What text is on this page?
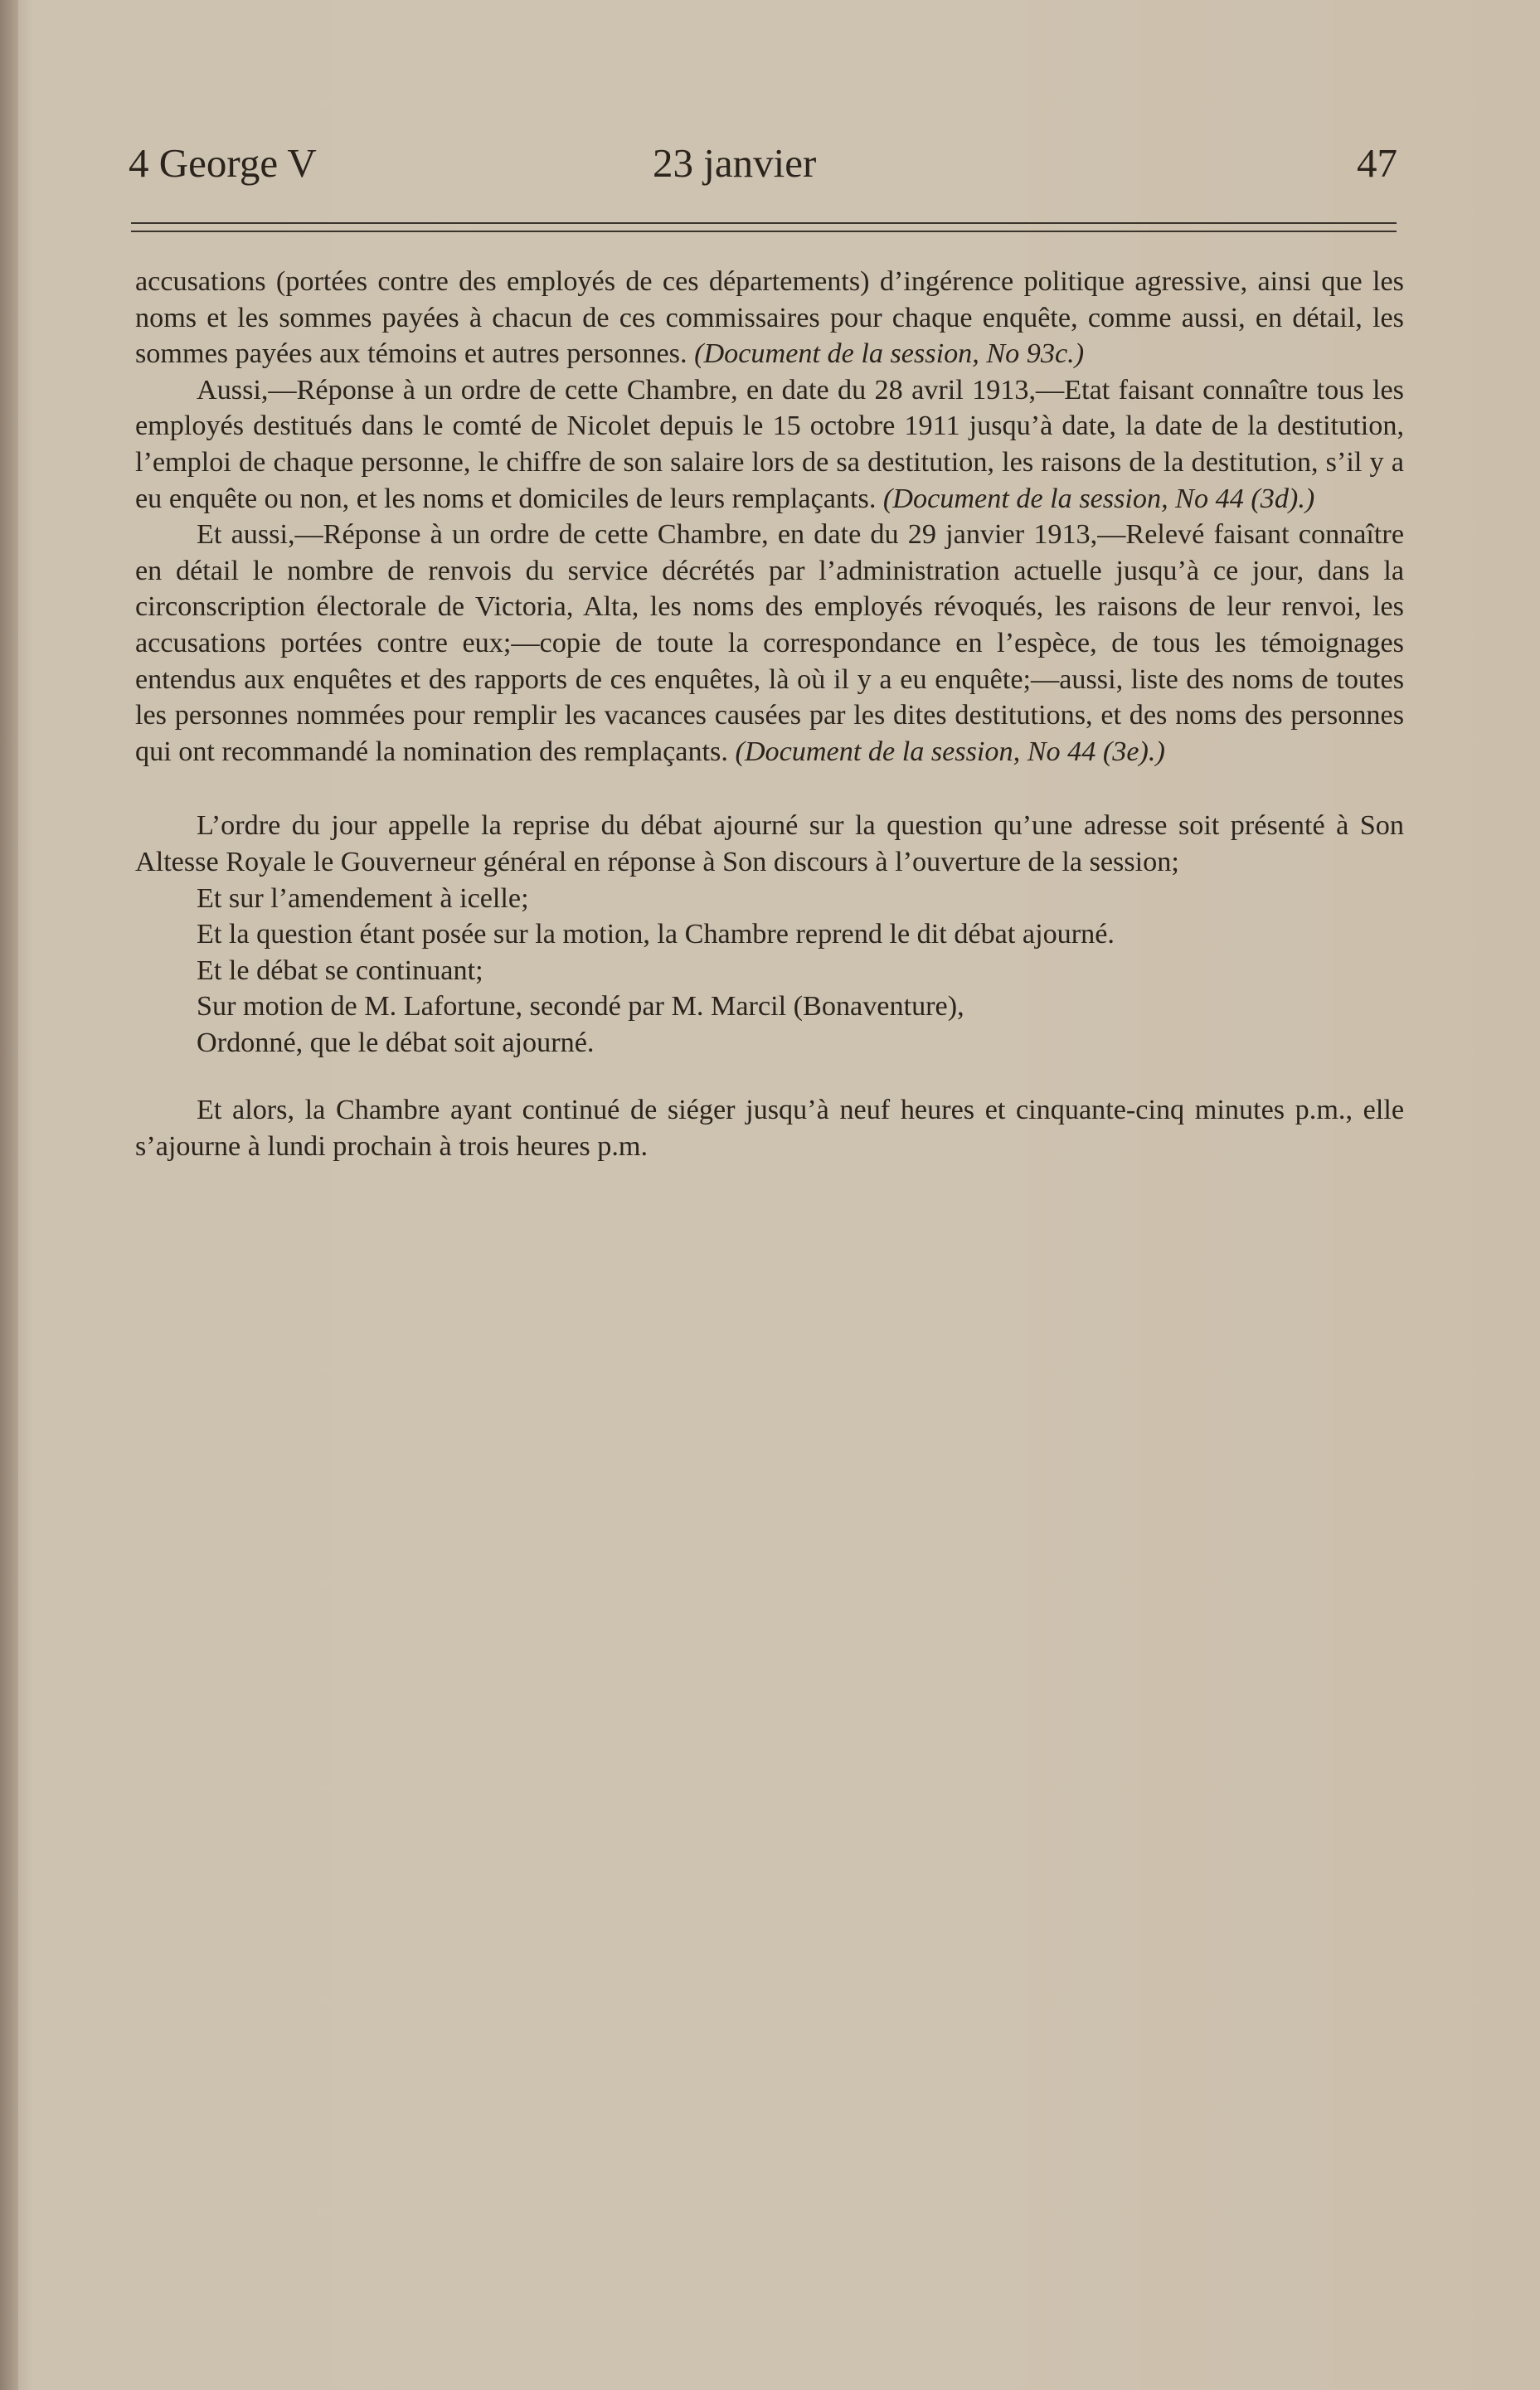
4 George V	23 janvier	47

accusations (portées contre des employés de ces départements) d’ingérence politique agressive, ainsi que les noms et les sommes payées à chacun de ces commissaires pour chaque enquête, comme aussi, en détail, les sommes payées aux témoins et autres personnes. (Document de la session, No 93c.)

Aussi,—Réponse à un ordre de cette Chambre, en date du 28 avril 1913,—Etat faisant connaître tous les employés destitués dans le comté de Nicolet depuis le 15 octobre 1911 jusqu’à date, la date de la destitution, l’emploi de chaque personne, le chiffre de son salaire lors de sa destitution, les raisons de la destitution, s’il y a eu enquête ou non, et les noms et domiciles de leurs remplaçants. (Document de la session, No 44 (3d).)

Et aussi,—Réponse à un ordre de cette Chambre, en date du 29 janvier 1913,—Relevé faisant connaître en détail le nombre de renvois du service décrétés par l’administration actuelle jusqu’à ce jour, dans la circonscription électorale de Victoria, Alta, les noms des employés révoqués, les raisons de leur renvoi, les accusations portées contre eux;—copie de toute la correspondance en l’espèce, de tous les témoignages entendus aux enquêtes et des rapports de ces enquêtes, là où il y a eu enquête;—aussi, liste des noms de toutes les personnes nommées pour remplir les vacances causées par les dites destitutions, et des noms des personnes qui ont recommandé la nomination des remplaçants. (Document de la session, No 44 (3e).)

L’ordre du jour appelle la reprise du débat ajourné sur la question qu’une adresse soit présenté à Son Altesse Royale le Gouverneur général en réponse à Son discours à l’ouverture de la session;

Et sur l’amendement à icelle;

Et la question étant posée sur la motion, la Chambre reprend le dit débat ajourné.

Et le débat se continuant;

Sur motion de M. Lafortune, secondé par M. Marcil (Bonaventure),

Ordonné, que le débat soit ajourné.

Et alors, la Chambre ayant continué de siéger jusqu’à neuf heures et cinquante-cinq minutes p.m., elle s’ajourne à lundi prochain à trois heures p.m.
